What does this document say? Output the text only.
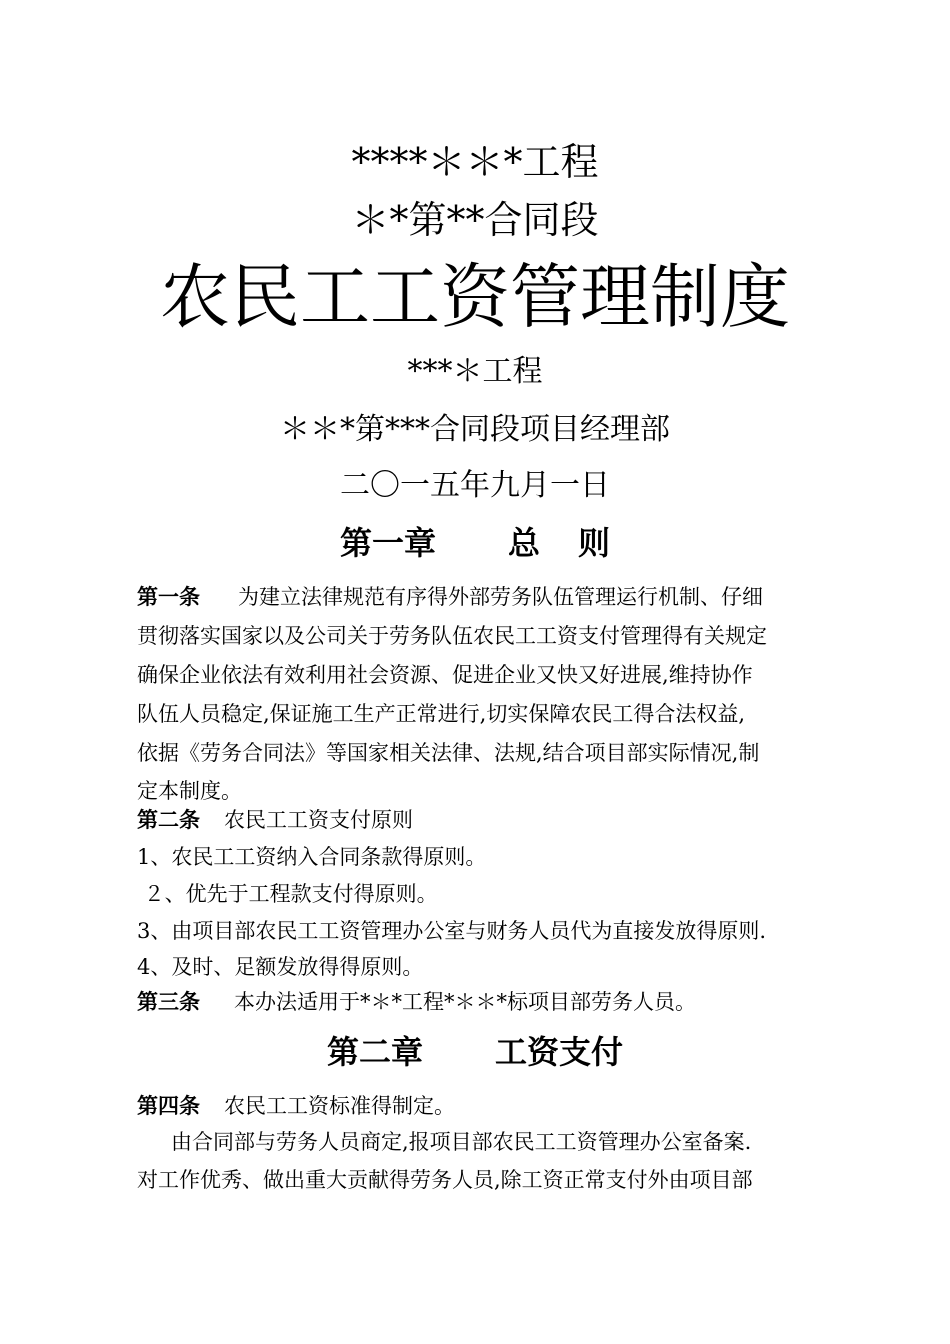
****＊＊*工程
＊*第**合同段
农民工工资管理制度
***＊工程
＊＊*第***合同段项目经理部
二〇一五年九月一日
第一章 总 则
第一条 为建立法律规范有序得外部劳务队伍管理运行机制、仔细
贯彻落实国家以及公司关于劳务队伍农民工工资支付管理得有关规定
确保企业依法有效利用社会资源、促进企业又快又好进展,维持协作
队伍人员稳定,保证施工生产正常进行,切实保障农民工得合法权益,
依据《劳务合同法》等国家相关法律、法规,结合项目部实际情况,制
定本制度。
第二条 农民工工资支付原则
1、农民工工资纳入合同条款得原则。
２、优先于工程款支付得原则。
3、由项目部农民工工资管理办公室与财务人员代为直接发放得原则.
4、及时、足额发放得得原则。
第三条 本办法适用于*＊*工程*＊＊*标项目部劳务人员。
第二章 工资支付
第四条 农民工工资标准得制定。
由合同部与劳务人员商定,报项目部农民工工资管理办公室备案.
对工作优秀、做出重大贡献得劳务人员,除工资正常支付外由项目部
